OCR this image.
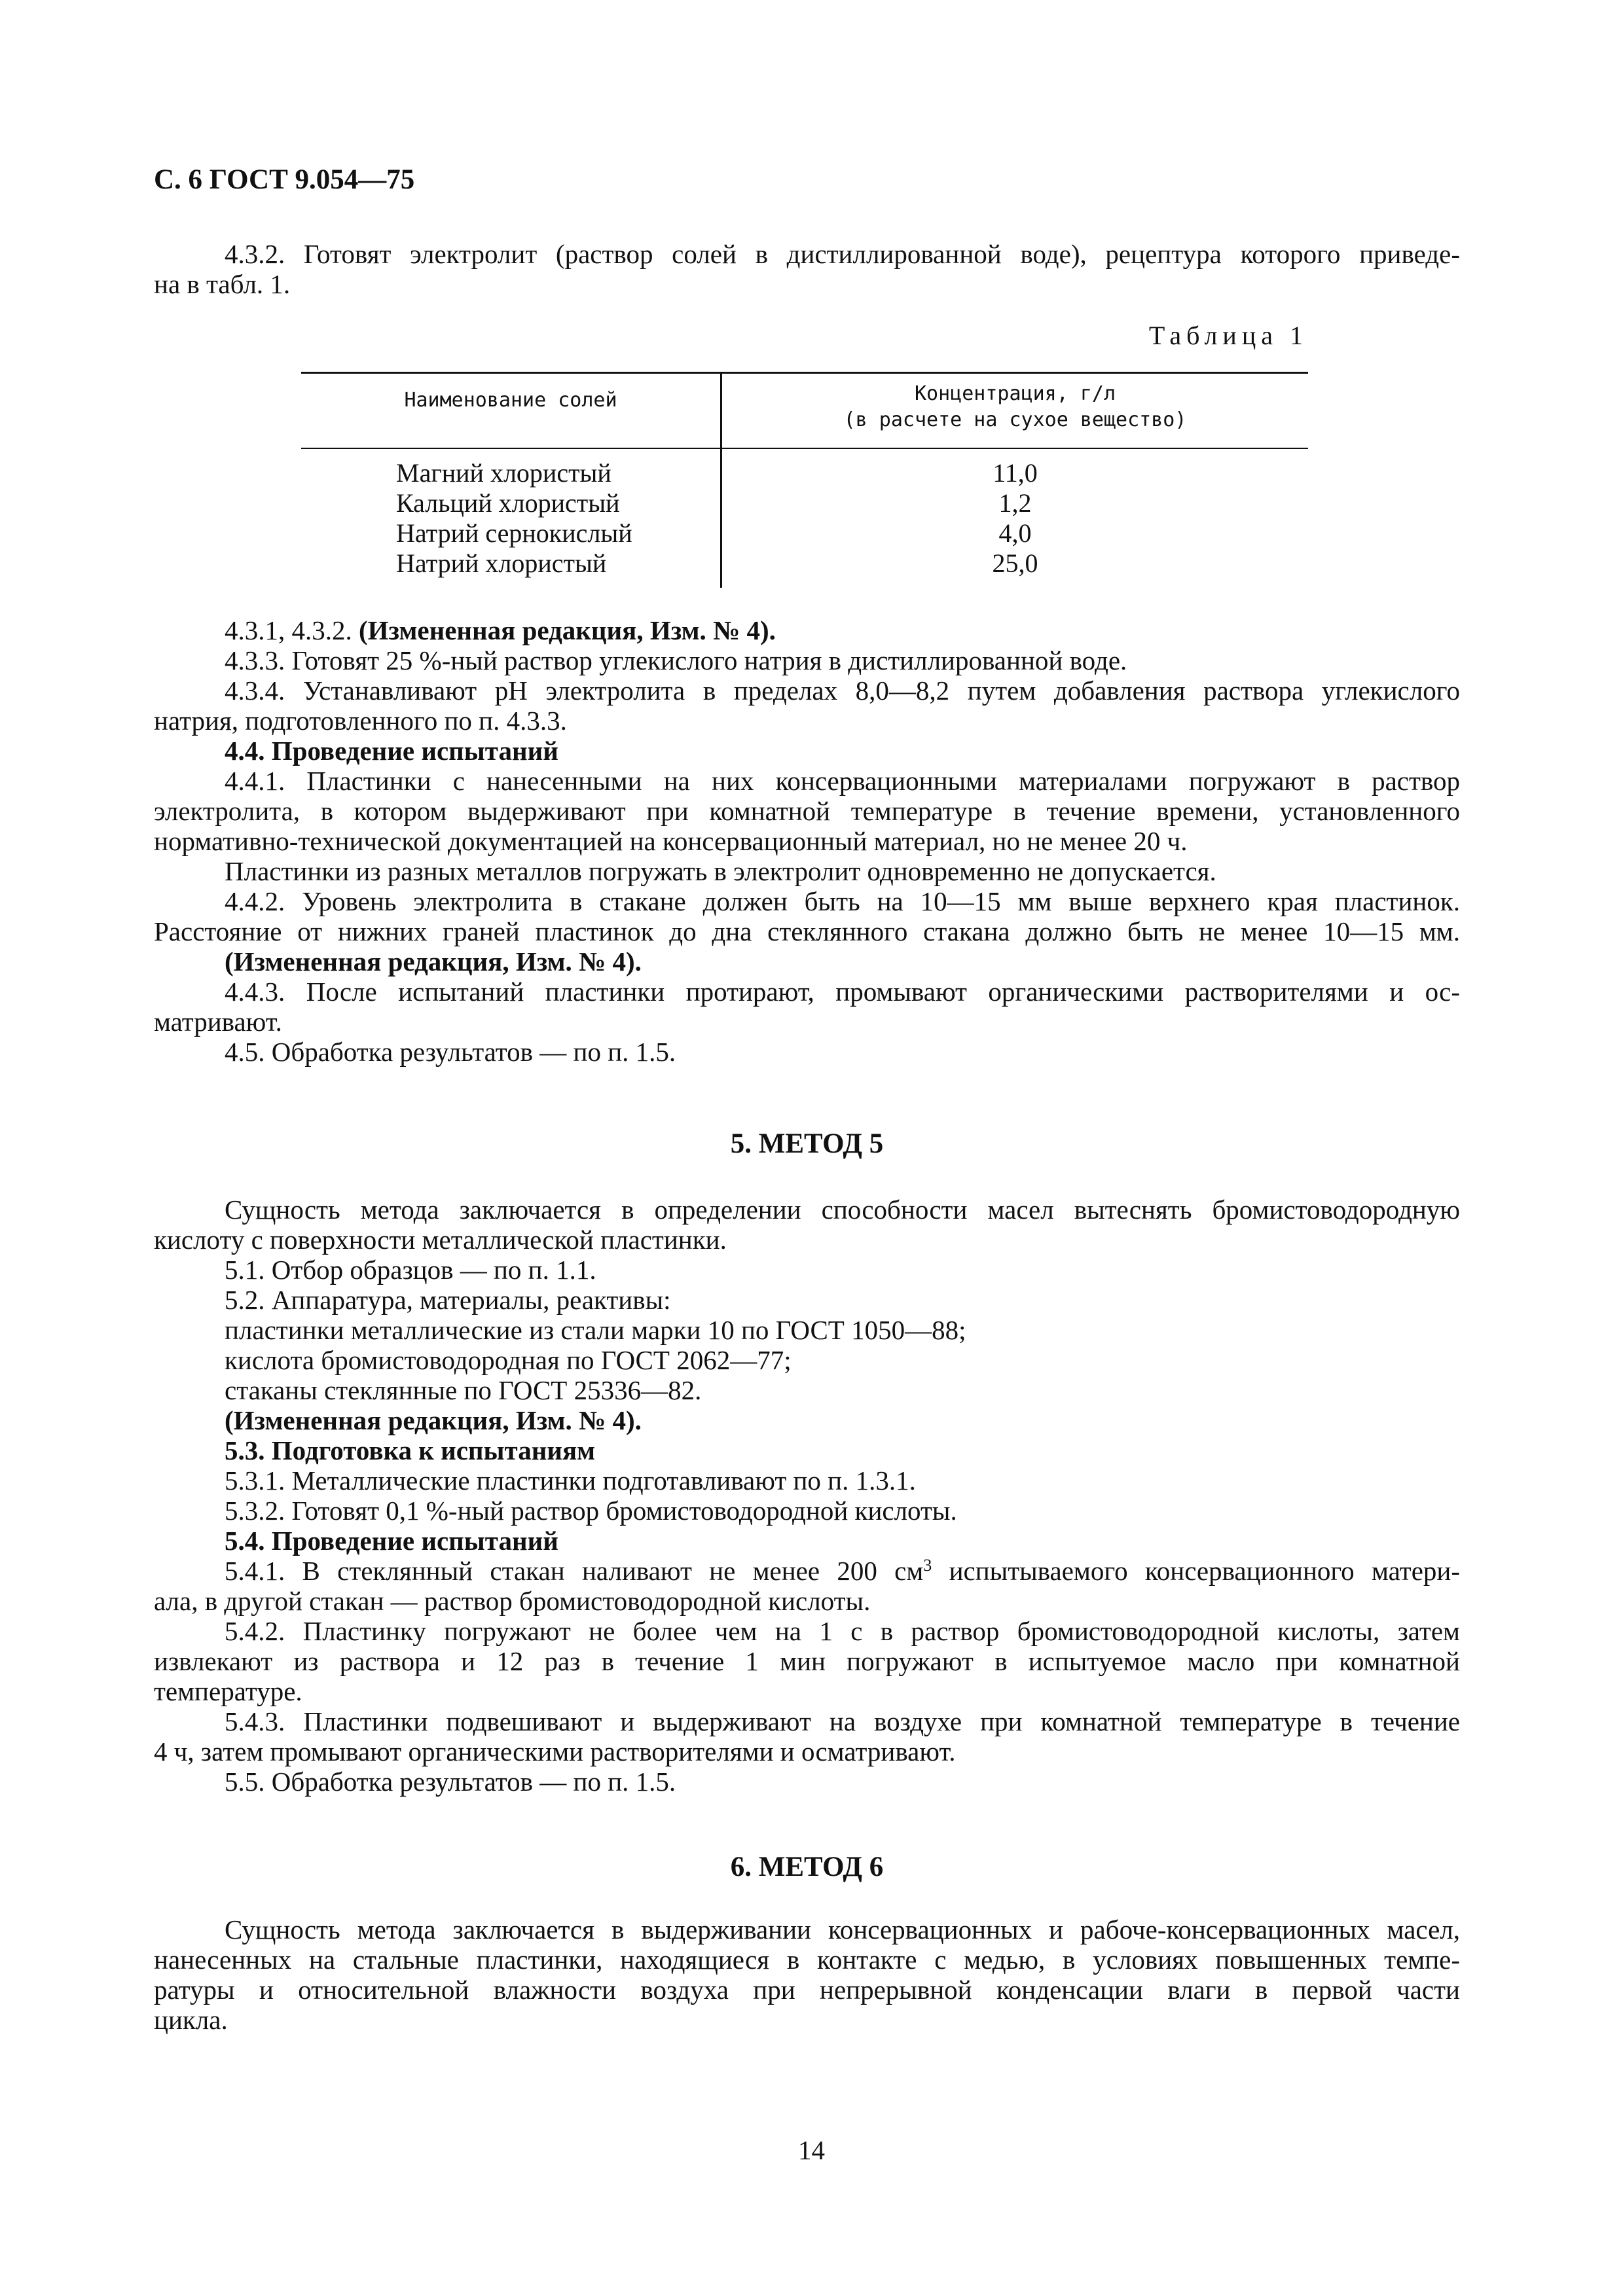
С. 6 ГОСТ 9.054—75
4.3.2. Готовят электролит (раствор солей в дистиллированной воде), рецептура которого приведе-
на в табл. 1.
Таблица 1
Наименование солей	Концентрация, г/л
(в расчете на сухое вещество)
Магний хлористый
Кальций хлористый
Натрий сернокислый
Натрий хлористый
11,0
1,2
4,0
25,0
4.3.1, 4.3.2. (Измененная редакция, Изм. № 4).
4.3.3. Готовят 25 %-ный раствор углекислого натрия в дистиллированной воде.
4.3.4. Устанавливают pH электролита в пределах 8,0—8,2 путем добавления раствора углекислого
натрия, подготовленного по п. 4.3.3.
4.4. Проведение испытаний
4.4.1. Пластинки с нанесенными на них консервационными материалами погружают в раствор
электролита, в котором выдерживают при комнатной температуре в течение времени, установленного
нормативно-технической документацией на консервационный материал, но не менее 20 ч.
Пластинки из разных металлов погружать в электролит одновременно не допускается.
4.4.2. Уровень электролита в стакане должен быть на 10—15 мм выше верхнего края пластинок.
Расстояние от нижних граней пластинок до дна стеклянного стакана должно быть не менее 10—15 мм.
(Измененная редакция, Изм. № 4).
4.4.3. После испытаний пластинки протирают, промывают органическими растворителями и ос-
матривают.
4.5. Обработка результатов — по п. 1.5.
5. МЕТОД 5
Сущность метода заключается в определении способности масел вытеснять бромистоводородную
кислоту с поверхности металлической пластинки.
5.1. Отбор образцов — по п. 1.1.
5.2. Аппаратура, материалы, реактивы:
пластинки металлические из стали марки 10 по ГОСТ 1050—88;
кислота бромистоводородная по ГОСТ 2062—77;
стаканы стеклянные по ГОСТ 25336—82.
(Измененная редакция, Изм. № 4).
5.3. Подготовка к испытаниям
5.3.1. Металлические пластинки подготавливают по п. 1.3.1.
5.3.2. Готовят 0,1 %-ный раствор бромистоводородной кислоты.
5.4. Проведение испытаний
5.4.1. В стеклянный стакан наливают не менее 200 $см^3$ испытываемого консервационного матери-
ала, в другой стакан — раствор бромистоводородной кислоты.
5.4.2. Пластинку погружают не более чем на 1 с в раствор бромистоводородной кислоты, затем
извлекают из раствора и 12 раз в течение 1 мин погружают в испытуемое масло при комнатной
температуре.
5.4.3. Пластинки подвешивают и выдерживают на воздухе при комнатной температуре в течение
4 ч, затем промывают органическими растворителями и осматривают.
5.5. Обработка результатов — по п. 1.5.
6. МЕТОД 6
Сущность метода заключается в выдерживании консервационных и рабоче-консервационных масел,
нанесенных на стальные пластинки, находящиеся в контакте с медью, в условиях повышенных темпе-
ратуры и относительной влажности воздуха при непрерывной конденсации влаги в первой части
цикла.
14
